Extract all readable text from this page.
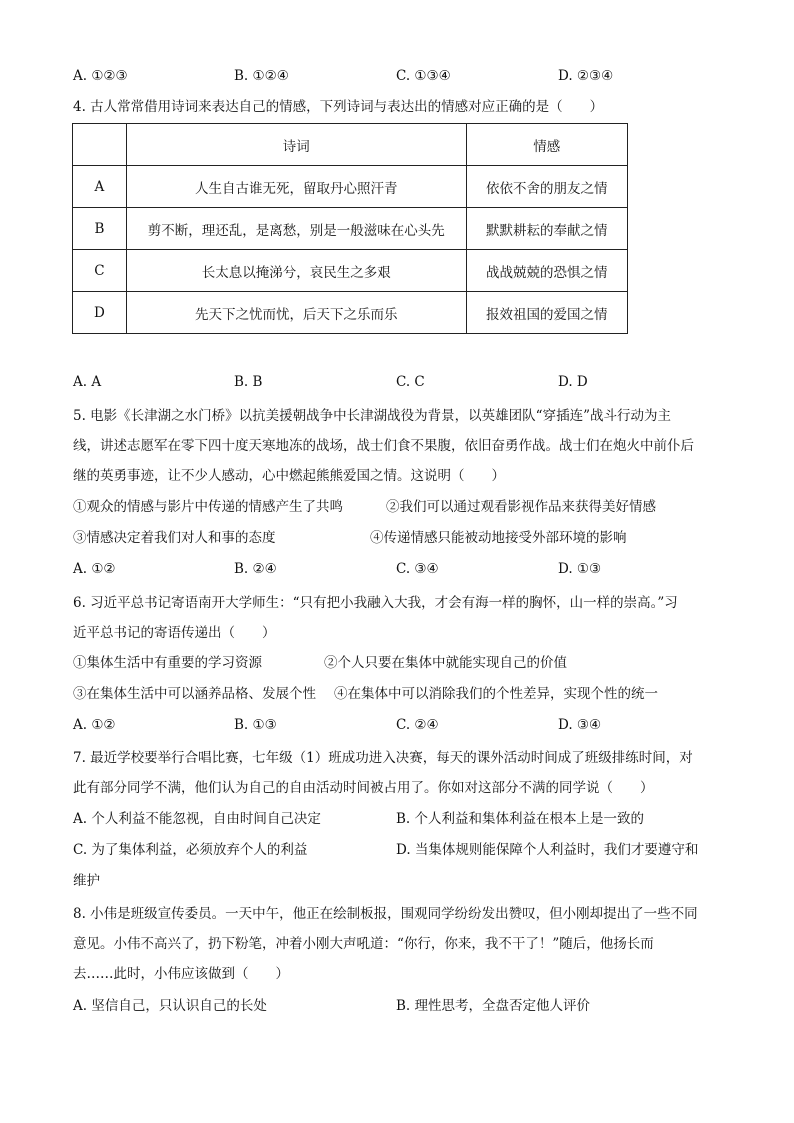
A. ①②③	B. ①②④	C. ①③④	D. ②③④
4. 古人常常借用诗词来表达自己的情感，下列诗词与表达出的情感对应正确的是（　　）
	诗词	情感
A	人生自古谁无死，留取丹心照汗青	依依不舍的朋友之情
B	剪不断，理还乱，是离愁，别是一般滋味在心头先	默默耕耘的奉献之情
C	长太息以掩涕兮，哀民生之多艰	战战兢兢的恐惧之情
D	先天下之忧而忧，后天下之乐而乐	报效祖国的爱国之情
A. A	B. B	C. C	D. D
5. 电影《长津湖之水门桥》以抗美援朝战争中长津湖战役为背景，以英雄团队“穿插连”战斗行动为主
线，讲述志愿军在零下四十度天寒地冻的战场，战士们食不果腹，依旧奋勇作战。战士们在炮火中前仆后
继的英勇事迹，让不少人感动，心中燃起熊熊爱国之情。这说明（　　）
①观众的情感与影片中传递的情感产生了共鸣	②我们可以通过观看影视作品来获得美好情感
③情感决定着我们对人和事的态度	④传递情感只能被动地接受外部环境的影响
A. ①②	B. ②④	C. ③④	D. ①③
6. 习近平总书记寄语南开大学师生：“只有把小我融入大我，才会有海一样的胸怀，山一样的崇高。”习
近平总书记的寄语传递出（　　）
①集体生活中有重要的学习资源	②个人只要在集体中就能实现自己的价值
③在集体生活中可以涵养品格、发展个性 ④在集体中可以消除我们的个性差异，实现个性的统一
A. ①②	B. ①③	C. ②④	D. ③④
7. 最近学校要举行合唱比赛，七年级（1）班成功进入决赛，每天的课外活动时间成了班级排练时间，对
此有部分同学不满，他们认为自己的自由活动时间被占用了。你如对这部分不满的同学说（　　）
A. 个人利益不能忽视，自由时间自己决定	B. 个人利益和集体利益在根本上是一致的
C. 为了集体利益，必须放弃个人的利益	D. 当集体规则能保障个人利益时，我们才要遵守和
维护
8. 小伟是班级宣传委员。一天中午，他正在绘制板报，围观同学纷纷发出赞叹，但小刚却提出了一些不同
意见。小伟不高兴了，扔下粉笔，冲着小刚大声吼道：“你行，你来，我不干了！”随后，他扬长而
去……此时，小伟应该做到（　　）
A. 坚信自己，只认识自己的长处	B. 理性思考，全盘否定他人评价
